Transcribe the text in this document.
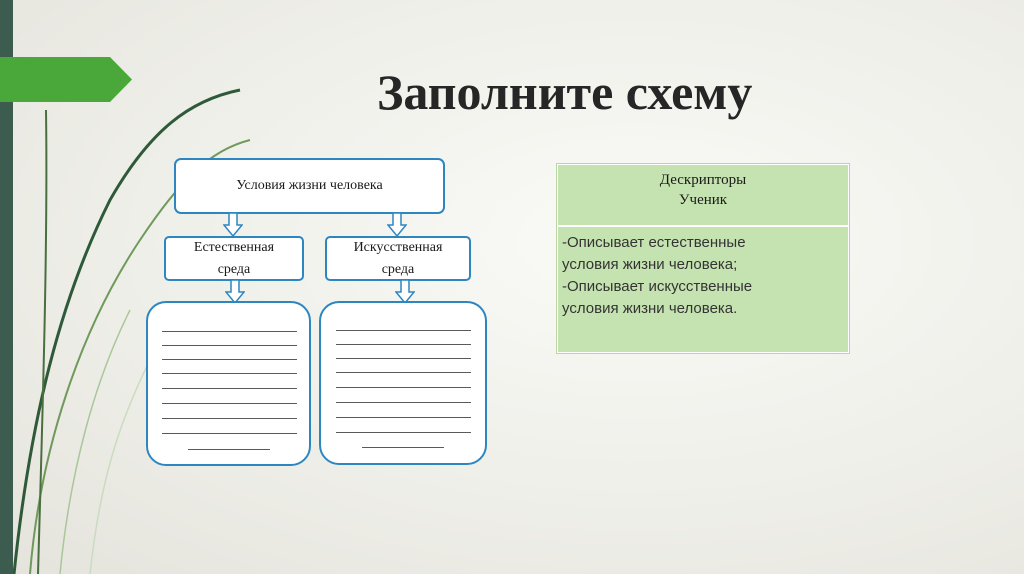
Заполните схему
Условия жизни человека
Естественная
среда
Искусственная
среда
Дескрипторы
Ученик
-Описывает естественные
условия жизни человека;
-Описывает искусственные
условия жизни человека.
